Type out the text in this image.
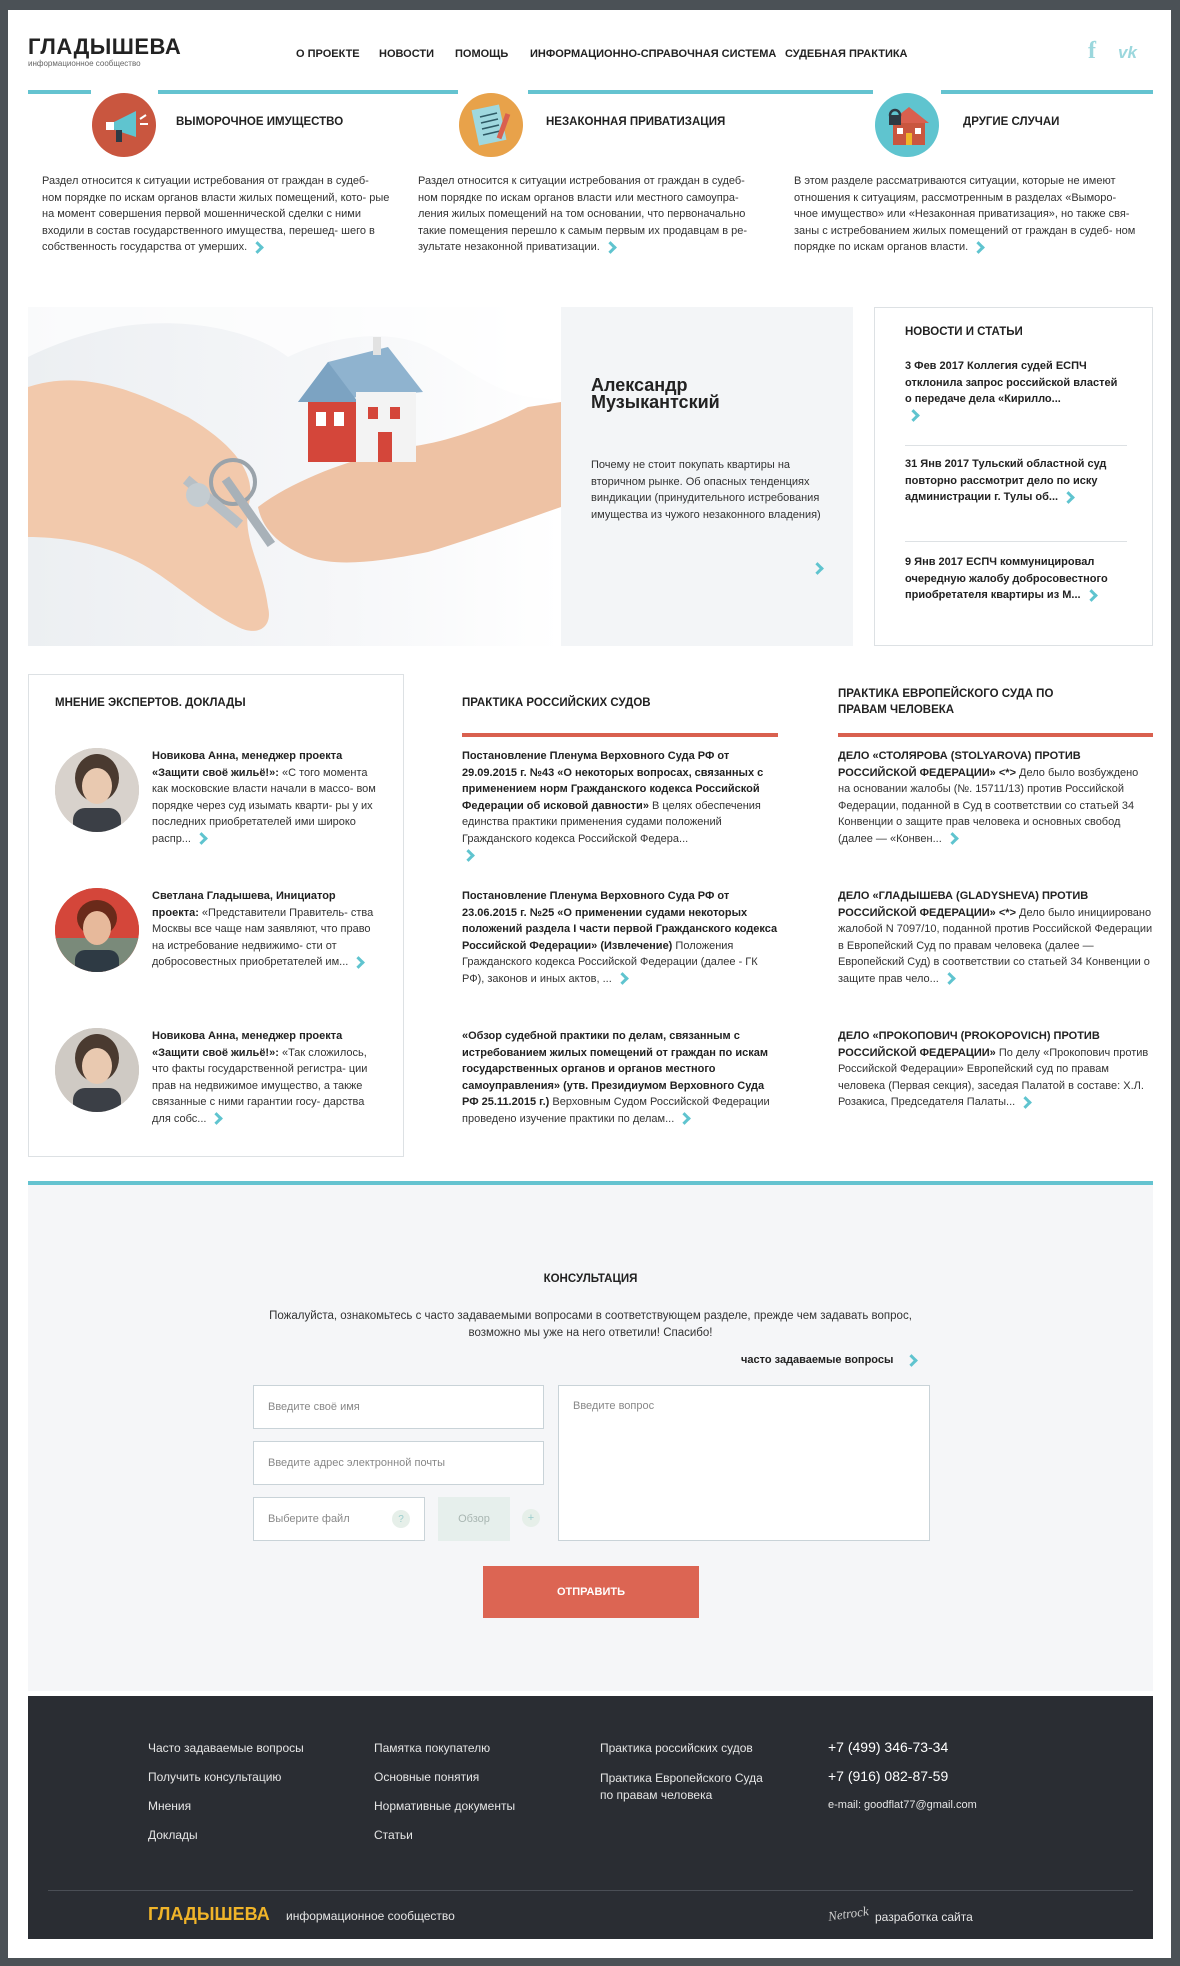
ГЛАДЫШЕВА
информационное сообщество
О ПРОЕКТЕ НОВОСТИ ПОМОЩЬ ИНФОРМАЦИОННО-СПРАВОЧНАЯ СИСТЕМА СУДЕБНАЯ ПРАКТИКА	f vk
ВЫМОРОЧНОЕ ИМУЩЕСТВО
Раздел относится к ситуации истребования от граждан в судеб- ном порядке по искам органов власти жилых помещений, кото- рые на момент совершения первой мошеннической сделки с ними входили в состав государственного имущества, перешед- шего в собственность государства от умерших.
НЕЗАКОННАЯ ПРИВАТИЗАЦИЯ
Раздел относится к ситуации истребования от граждан в судеб- ном порядке по искам органов власти или местного самоупра- ления жилых помещений на том основании, что первоначально такие помещения перешло к самым первым их продавцам в ре- зультате незаконной приватизации.
ДРУГИЕ СЛУЧАИ
В этом разделе рассматриваются ситуации, которые не имеют отношения к ситуациям, рассмотренным в разделах «Выморо- чное имущество» или «Незаконная приватизация», но также свя- заны с истребованием жилых помещений от граждан в судеб- ном порядке по искам органов власти.
Александр Музыкантский
Почему не стоит покупать квартиры на вторичном рынке. Об опасных тенденциях виндикации (принудительного истребования имущества из чужого незаконного владения)
НОВОСТИ И СТАТЬИ
3 Фев 2017 Коллегия судей ЕСПЧ отклонила запрос российской властей о передаче дела «Кирилло...

31 Янв 2017 Тульский областной суд повторно рассмотрит дело по иску администрации г. Тулы об...
9 Янв 2017 ЕСПЧ коммуницировал очередную жалобу добросовестного приобретателя квартиры из М...
МНЕНИЕ ЭКСПЕРТОВ. ДОКЛАДЫ
Новикова Анна, менеджер проекта «Защити своё жильё!»: «С того момента как московские власти начали в массо- вом порядке через суд изымать кварти- ры у их последних приобретателей ими широко распр...
Светлана Гладышева, Инициатор проекта: «Представители Правитель- ства Москвы все чаще нам заявляют, что право на истребование недвижимо- сти от добросовестных приобретателей им...
Новикова Анна, менеджер проекта «Защити своё жильё!»: «Так сложилось, что факты государственной регистра- ции прав на недвижимое имущество, а также связанные с ними гарантии госу- дарства для собс...
ПРАКТИКА РОССИЙСКИХ СУДОВ
Постановление Пленума Верховного Суда РФ от 29.09.2015 г. №43 «О некоторых вопросах, связанных с применением норм Гражданского кодекса Российской Федерации об исковой давности» В целях обеспечения единства практики применения судами положений Гражданского кодекса Российской Федера...

Постановление Пленума Верховного Суда РФ от 23.06.2015 г. №25 «О применении судами некоторых положений раздела I части первой Гражданского кодекса Российской Федерации» (Извлечение) Положения Гражданского кодекса Российской Федерации (далее - ГК РФ), законов и иных актов, ...
«Обзор судебной практики по делам, связанным с истребованием жилых помещений от граждан по искам государственных органов и органов местного самоуправления» (утв. Президиумом Верховного Суда РФ 25.11.2015 г.) Верховным Судом Российской Федерации проведено изучение практики по делам...
ПРАКТИКА ЕВРОПЕЙСКОГО СУДА ПО ПРАВАМ ЧЕЛОВЕКА
ДЕЛО «СТОЛЯРОВА (STOLYAROVA) ПРОТИВ РОССИЙСКОЙ ФЕДЕРАЦИИ» <*> Дело было возбуждено на основании жалобы (№. 15711/13) против Российской Федерации, поданной в Суд в соответствии со статьей 34 Конвенции о защите прав человека и основных свобод (далее — «Конвен...
ДЕЛО «ГЛАДЫШЕВА (GLADYSHEVA) ПРОТИВ РОССИЙСКОЙ ФЕДЕРАЦИИ» <*> Дело было инициировано жалобой N 7097/10, поданной против Российской Федерации в Европейский Суд по правам человека (далее — Европейский Суд) в соответствии со статьей 34 Конвенции о защите прав чело...
ДЕЛО «ПРОКОПОВИЧ (PROKOPOVICH) ПРОТИВ РОССИЙСКОЙ ФЕДЕРАЦИИ» По делу «Прокопович против Российской Федерации» Европейский суд по правам человека (Первая секция), заседая Палатой в составе: Х.Л. Розакиса, Председателя Палаты...
КОНСУЛЬТАЦИЯ
Пожалуйста, ознакомьтесь с часто задаваемыми вопросами в соответствующем разделе, прежде чем задавать вопрос,
возможно мы уже на него ответили! Спасибо!
часто задаваемые вопросы
Введите своё имя
Введите адрес электронной почты
Выберите файл	?	Обзор	+
Введите вопрос
ОТПРАВИТЬ
Часто задаваемые вопросы
Получить консультацию
Мнения
Доклады
Памятка покупателю
Основные понятия
Нормативные документы
Статьи
Практика российских судов
Практика Европейского Суда
по правам человека
+7 (499) 346-73-34
+7 (916) 082-87-59
e-mail: goodflat77@gmail.com
ГЛАДЫШЕВА информационное сообщество	Netrock разработка сайта
